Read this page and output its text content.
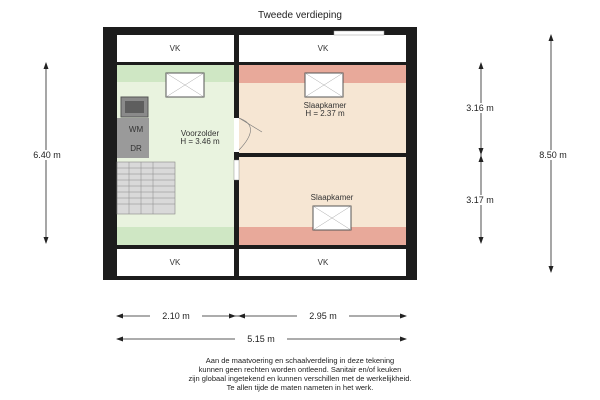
Tweede verdieping
VK	VK
VK	VK
Voorzolder
H = 3.46 m
WM
DR
Slaapkamer
H = 2.37 m
Slaapkamer
6.40 m
3.16 m
3.17 m
8.50 m
2.10 m	2.95 m
5.15 m
Aan de maatvoering en schaalverdeling in deze tekening
kunnen geen rechten worden ontleend. Sanitair en/of keuken
zijn globaal ingetekend en kunnen verschillen met de werkelijkheid.
Te allen tijde de maten nameten in het werk.
